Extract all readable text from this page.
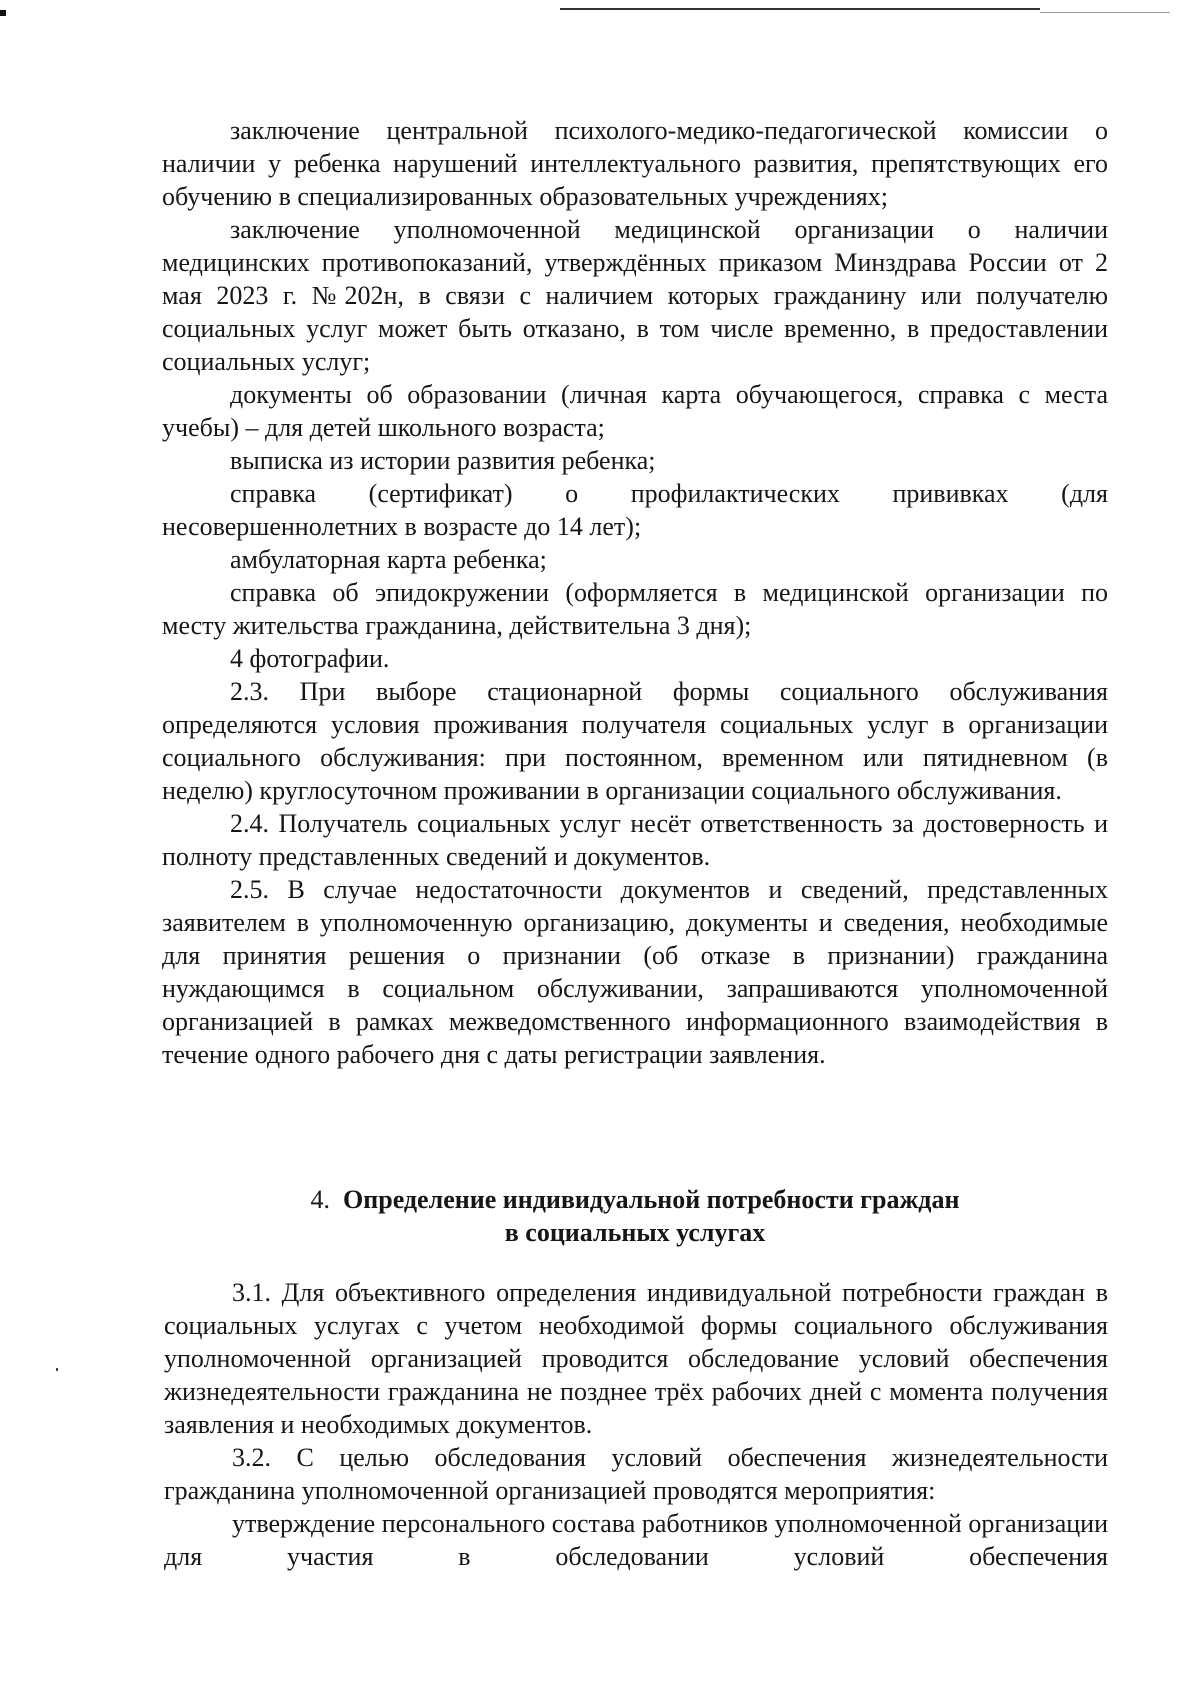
заключение центральной психолого-медико-педагогической комиссии о наличии у ребенка нарушений интеллектуального развития, препятствующих его обучению в специализированных образовательных учреждениях;

заключение уполномоченной медицинской организации о наличии медицинских противопоказаний, утверждённых приказом Минздрава России от 2 мая 2023 г. №202н, в связи с наличием которых гражданину или получателю социальных услуг может быть отказано, в том числе временно, в предоставлении социальных услуг;

документы об образовании (личная карта обучающегося, справка с места учебы) – для детей школьного возраста;

выписка из истории развития ребенка;

справка (сертификат) о профилактических прививках (для несовершеннолетних в возрасте до 14 лет);

амбулаторная карта ребенка;

справка об эпидокружении (оформляется в медицинской организации по месту жительства гражданина, действительна 3 дня);

4 фотографии.

2.3. При выборе стационарной формы социального обслуживания определяются условия проживания получателя социальных услуг в организации социального обслуживания: при постоянном, временном или пятидневном (в неделю) круглосуточном проживании в организации социального обслуживания.

2.4. Получатель социальных услуг несёт ответственность за достоверность и полноту представленных сведений и документов.

2.5. В случае недостаточности документов и сведений, представленных заявителем в уполномоченную организацию, документы и сведения, необходимые для принятия решения о признании (об отказе в признании) гражданина нуждающимся в социальном обслуживании, запрашиваются уполномоченной организацией в рамках межведомственного информационного взаимодействия в течение одного рабочего дня с даты регистрации заявления.

4. Определение индивидуальной потребности граждан
в социальных услугах

3.1. Для объективного определения индивидуальной потребности граждан в социальных услугах с учетом необходимой формы социального обслуживания уполномоченной организацией проводится обследование условий обеспечения жизнедеятельности гражданина не позднее трёх рабочих дней с момента получения заявления и необходимых документов.

3.2. С целью обследования условий обеспечения жизнедеятельности гражданина уполномоченной организацией проводятся мероприятия:

утверждение персонального состава работников уполномоченной организации для участия в обследовании условий обеспечения
